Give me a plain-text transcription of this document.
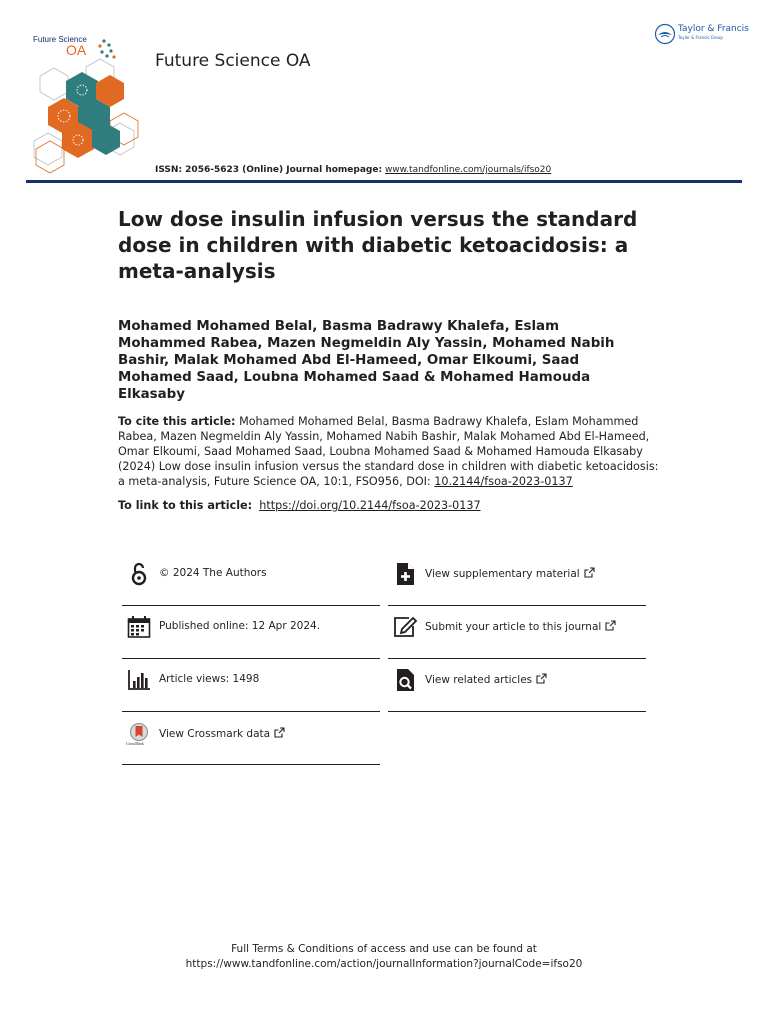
Future Science
OA
Future Science OA
Taylor & Francis
Taylor & Francis Group
ISSN: 2056-5623 (Online) Journal homepage: www.tandfonline.com/journals/ifso20
Low dose insulin infusion versus the standard dose in children with diabetic ketoacidosis: a meta-analysis
Mohamed Mohamed Belal, Basma Badrawy Khalefa, Eslam Mohammed Rabea, Mazen Negmeldin Aly Yassin, Mohamed Nabih Bashir, Malak Mohamed Abd El-Hameed, Omar Elkoumi, Saad Mohamed Saad, Loubna Mohamed Saad & Mohamed Hamouda Elkasaby
To cite this article: Mohamed Mohamed Belal, Basma Badrawy Khalefa, Eslam Mohammed Rabea, Mazen Negmeldin Aly Yassin, Mohamed Nabih Bashir, Malak Mohamed Abd El-Hameed, Omar Elkoumi, Saad Mohamed Saad, Loubna Mohamed Saad & Mohamed Hamouda Elkasaby (2024) Low dose insulin infusion versus the standard dose in children with diabetic ketoacidosis: a meta-analysis, Future Science OA, 10:1, FSO956, DOI: 10.2144/fsoa-2023-0137
To link to this article: https://doi.org/10.2144/fsoa-2023-0137
© 2024 The Authors
Published online: 12 Apr 2024.
Article views: 1498
CrossMark
View Crossmark data
View supplementary material
Submit your article to this journal
View related articles
Full Terms & Conditions of access and use can be found at
https://www.tandfonline.com/action/journalInformation?journalCode=ifso20
